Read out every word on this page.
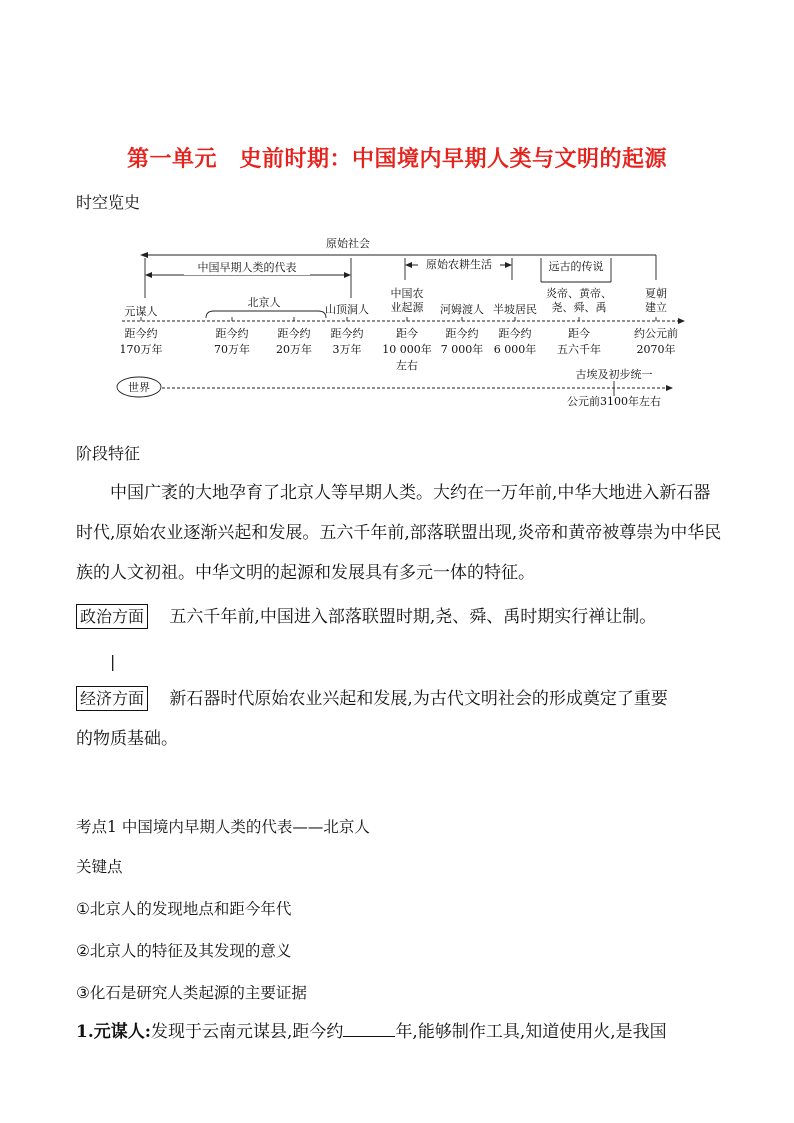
第一单元　史前时期：中国境内早期人类与文明的起源
时空览史
原始社会
中国早期人类的代表	原始农耕生活	远古的传说
北京人
元谋人	山顶洞人
中国农业起源 河姆渡人 半坡居民
炎帝、黄帝、尧、舜、禹
夏朝建立
距今约
170万年
距今约
70万年
距今约
20万年
距今约
3万年
距今
10 000年
左右
距今约
7 000年
距今约
6 000年
距今
五六千年
约公元前
2070年
世界
古埃及初步统一
公元前3100年左右
阶段特征
中国广袤的大地孕育了北京人等早期人类。大约在一万年前,中华大地进入新石器时代,原始农业逐渐兴起和发展。五六千年前,部落联盟出现,炎帝和黄帝被尊崇为中华民族的人文初祖。中华文明的起源和发展具有多元一体的特征。
政治方面 五六千年前,中国进入部落联盟时期,尧、舜、禹时期实行禅让制。
|
经济方面 新石器时代原始农业兴起和发展,为古代文明社会的形成奠定了重要
的物质基础。
考点1 中国境内早期人类的代表——北京人
关键点
①北京人的发现地点和距今年代
②北京人的特征及其发现的意义
③化石是研究人类起源的主要证据
1.元谋人:发现于云南元谋县,距今约	年,能够制作工具,知道使用火,是我国
